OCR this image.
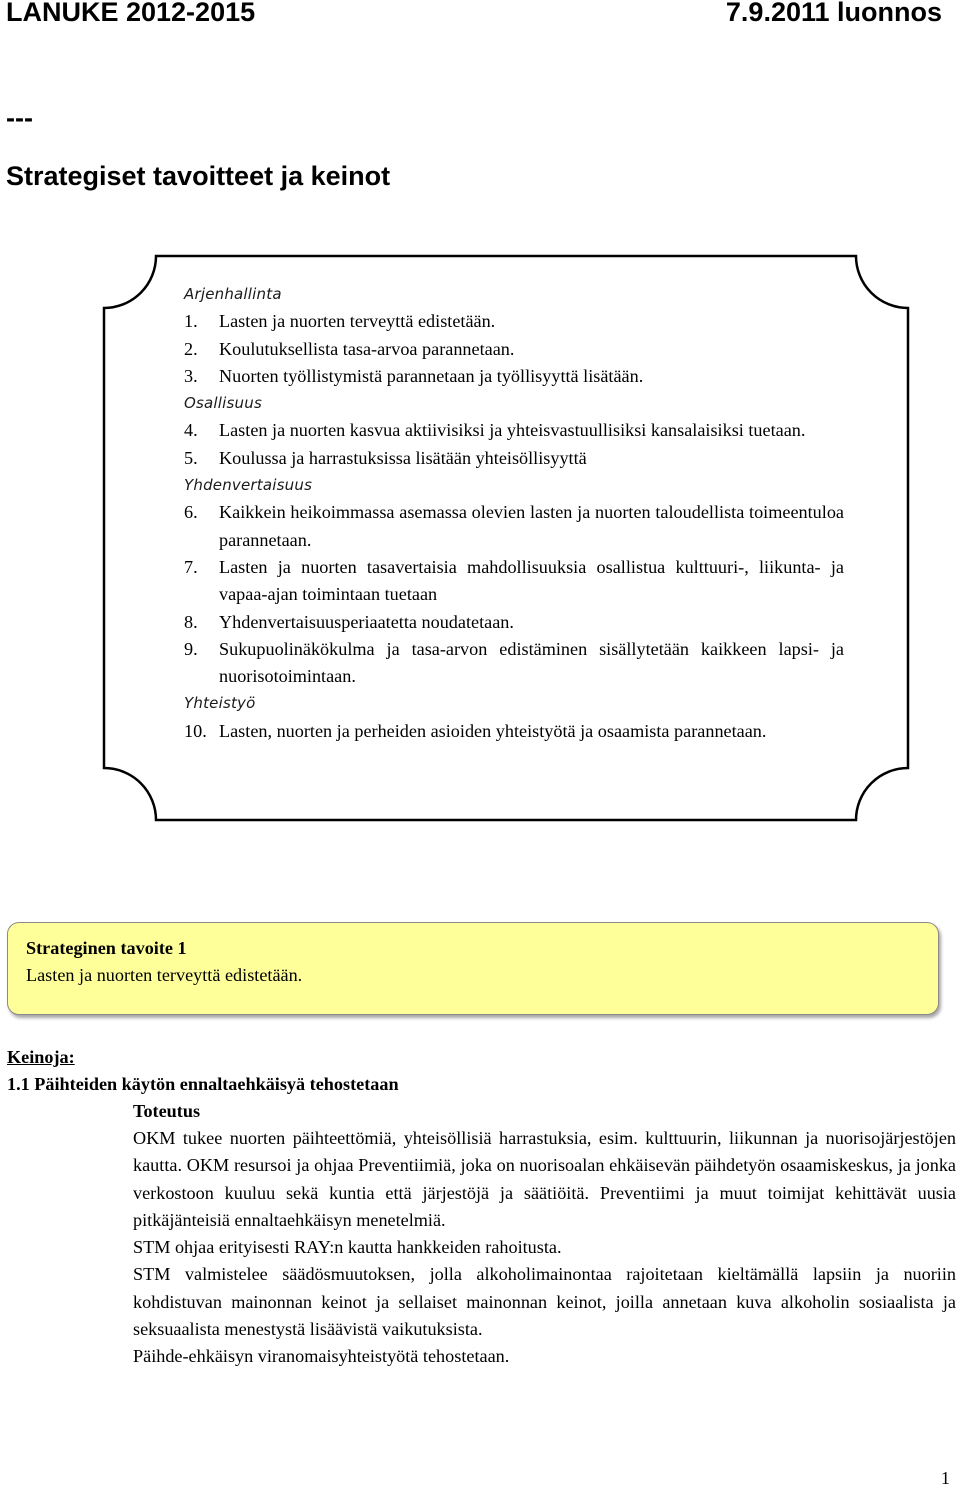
LANUKE 2012-2015	7.9.2011 luonnos
---
Strategiset tavoitteet ja keinot
Arjenhallinta
1.	Lasten ja nuorten terveyttä edistetään.
2.	Koulutuksellista tasa-arvoa parannetaan.
3.	Nuorten työllistymistä parannetaan ja työllisyyttä lisätään.
Osallisuus
4.	Lasten ja nuorten kasvua aktiivisiksi ja yhteisvastuullisiksi kansalaisiksi tuetaan.
5.	Koulussa ja harrastuksissa lisätään yhteisöllisyyttä
Yhdenvertaisuus
6.	Kaikkein heikoimmassa asemassa olevien lasten ja nuorten taloudellista toimeentuloa parannetaan.
7.	Lasten ja nuorten tasavertaisia mahdollisuuksia osallistua kulttuuri-, liikunta- ja vapaa-ajan toimintaan tuetaan
8.	Yhdenvertaisuusperiaatetta noudatetaan.
9.	Sukupuolinäkökulma ja tasa-arvon edistäminen sisällytetään kaikkeen lapsi- ja nuorisotoimintaan.
Yhteistyö
10. Lasten, nuorten ja perheiden asioiden yhteistyötä ja osaamista parannetaan.
Strateginen tavoite 1
Lasten ja nuorten terveyttä edistetään.
Keinoja:
1.1 Päihteiden käytön ennaltaehkäisyä tehostetaan
Toteutus

OKM tukee nuorten päihteettömiä, yhteisöllisiä harrastuksia, esim. kulttuurin, liikunnan ja nuorisojärjestöjen kautta. OKM resursoi ja ohjaa Preventiimiä, joka on nuorisoalan ehkäisevän päihdetyön osaamiskeskus, ja jonka verkostoon kuuluu sekä kuntia että järjestöjä ja säätiöitä. Preventiimi ja muut toimijat kehittävät uusia pitkäjänteisiä ennaltaehkäisyn menetelmiä.

STM ohjaa erityisesti RAY:n kautta hankkeiden rahoitusta.

STM valmistelee säädösmuutoksen, jolla alkoholimainontaa rajoitetaan kieltämällä lapsiin ja nuoriin kohdistuvan mainonnan keinot ja sellaiset mainonnan keinot, joilla annetaan kuva alkoholin sosiaalista ja seksuaalista menestystä lisäävistä vaikutuksista.

Päihde-ehkäisyn viranomaisyhteistyötä tehostetaan.

1
